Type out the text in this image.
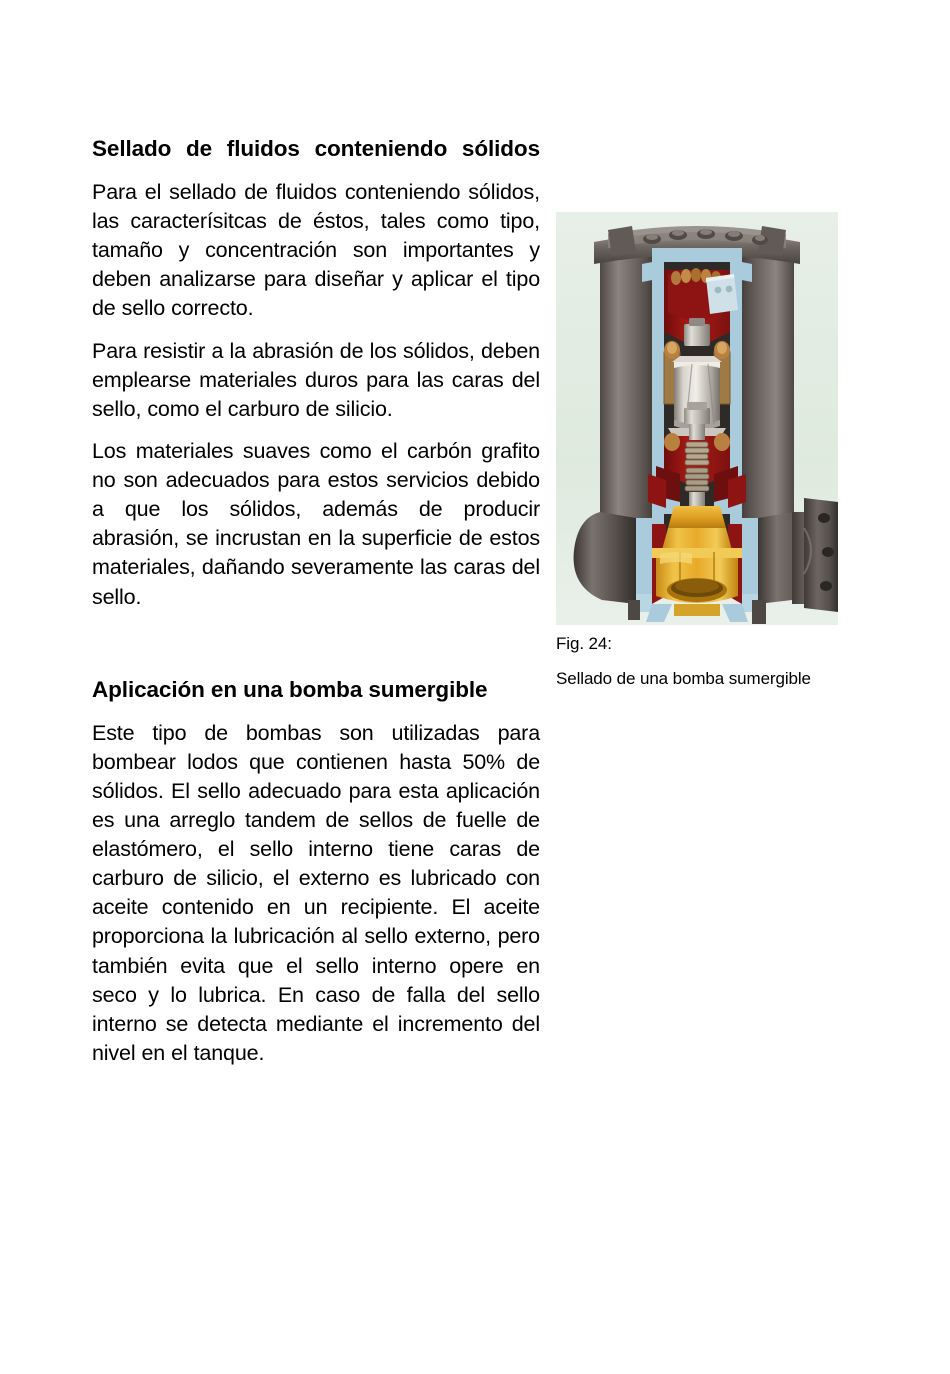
Sellado de fluidos conteniendo sólidos

Para el sellado de fluidos conteniendo sólidos, las caracterísitcas de éstos, tales como tipo, tamaño y concentración son importantes y deben analizarse para diseñar y aplicar el tipo de sello correcto.

Para resistir a la abrasión de los sólidos, deben emplearse materiales duros para las caras del sello, como el carburo de silicio.

Los materiales suaves como el carbón grafito no son adecuados para estos servicios debido a que los sólidos, además de producir abrasión, se incrustan en la superficie de estos materiales, dañando severamente las caras del sello.

Aplicación en una bomba sumergible

Este tipo de bombas son utilizadas para bombear lodos que contienen hasta 50% de sólidos. El sello adecuado para esta aplicación es una arreglo tandem de sellos de fuelle de elastómero, el sello interno tiene caras de carburo de silicio, el externo es lubricado con aceite contenido en un recipiente. El aceite proporciona la lubricación al sello externo, pero también evita que el sello interno opere en seco y lo lubrica. En caso de falla del sello interno se detecta mediante el incremento del nivel en el tanque.

Fig. 24:
Sellado de una bomba sumergible
